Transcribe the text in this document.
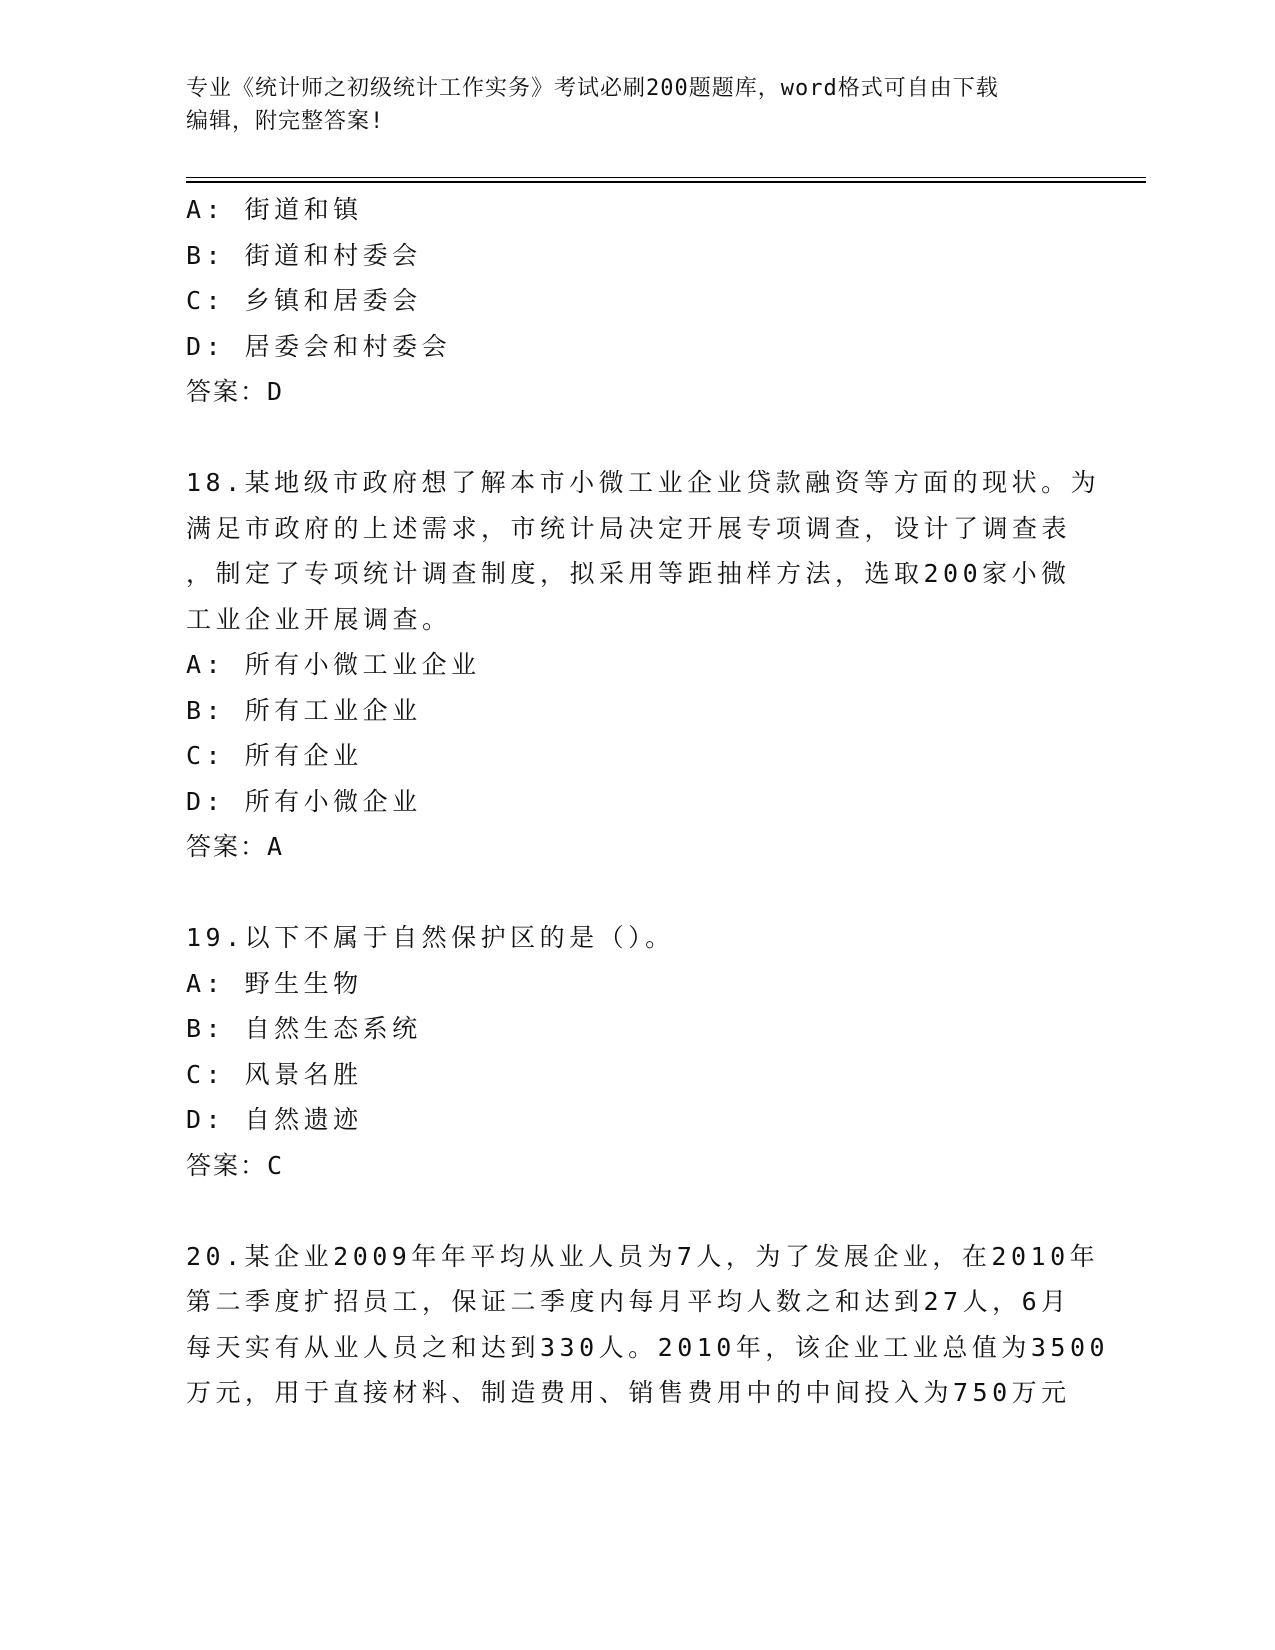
专业《统计师之初级统计工作实务》考试必刷200题题库，word格式可自由下载
编辑，附完整答案!
A: 街道和镇
B: 街道和村委会
C: 乡镇和居委会
D: 居委会和村委会
答案：D
18.某地级市政府想了解本市小微工业企业贷款融资等方面的现状。为
满足市政府的上述需求，市统计局决定开展专项调查，设计了调查表
，制定了专项统计调查制度，拟采用等距抽样方法，选取200家小微
工业企业开展调查。
A: 所有小微工业企业
B: 所有工业企业
C: 所有企业
D: 所有小微企业
答案：A
19.以下不属于自然保护区的是（）。
A: 野生生物
B: 自然生态系统
C: 风景名胜
D: 自然遗迹
答案：C
20.某企业2009年年平均从业人员为7人，为了发展企业，在2010年
第二季度扩招员工，保证二季度内每月平均人数之和达到27人，6月
每天实有从业人员之和达到330人。2010年，该企业工业总值为3500
万元，用于直接材料、制造费用、销售费用中的中间投入为750万元
